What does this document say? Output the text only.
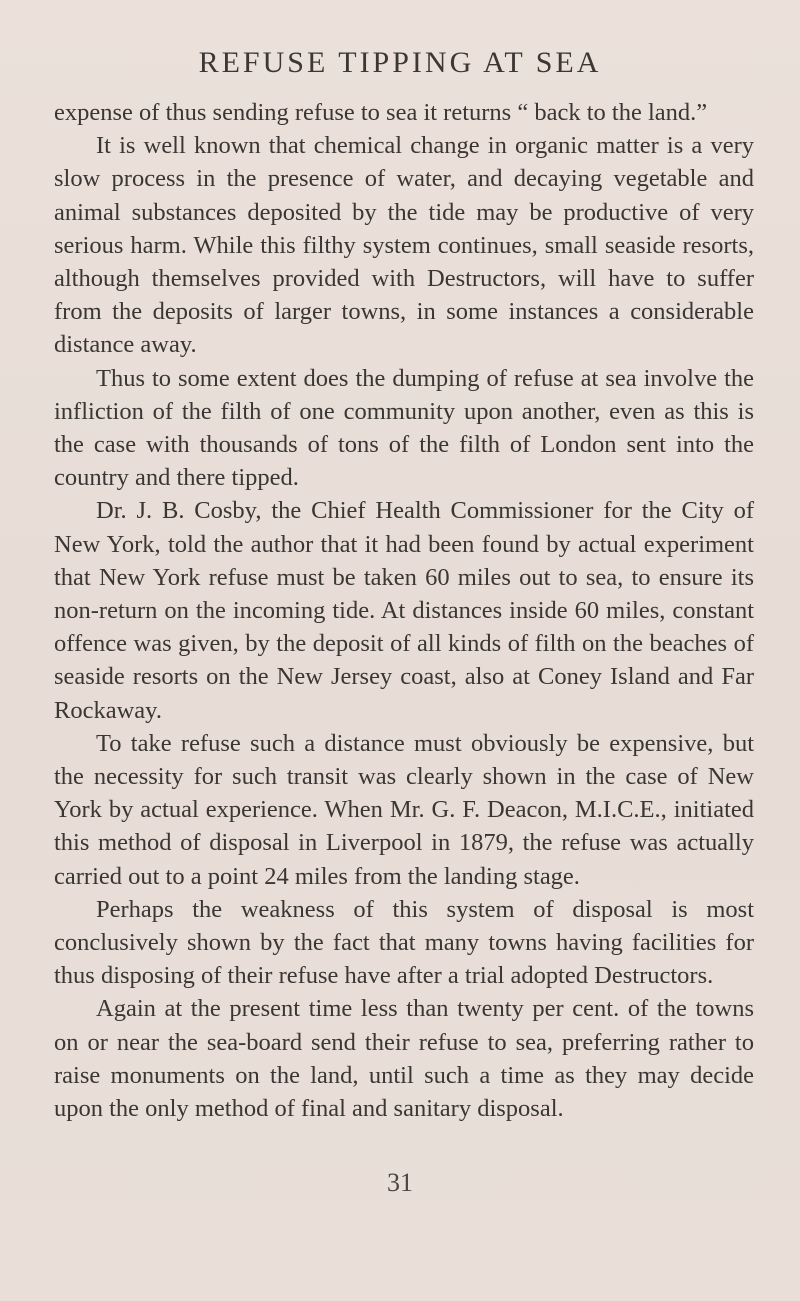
REFUSE TIPPING AT SEA

expense of thus sending refuse to sea it returns “ back to the land.”

It is well known that chemical change in organic matter is a very slow process in the presence of water, and decaying vegetable and animal substances deposited by the tide may be productive of very serious harm. While this filthy system continues, small seaside resorts, although themselves provided with Destructors, will have to suffer from the deposits of larger towns, in some instances a considerable distance away.

Thus to some extent does the dumping of refuse at sea involve the infliction of the filth of one community upon another, even as this is the case with thousands of tons of the filth of London sent into the country and there tipped.

Dr. J. B. Cosby, the Chief Health Commissioner for the City of New York, told the author that it had been found by actual experiment that New York refuse must be taken 60 miles out to sea, to ensure its non-return on the incoming tide. At distances inside 60 miles, constant offence was given, by the deposit of all kinds of filth on the beaches of seaside resorts on the New Jersey coast, also at Coney Island and Far Rockaway.

To take refuse such a distance must obviously be expensive, but the necessity for such transit was clearly shown in the case of New York by actual experience. When Mr. G. F. Deacon, M.I.C.E., initiated this method of disposal in Liverpool in 1879, the refuse was actually carried out to a point 24 miles from the landing stage.

Perhaps the weakness of this system of disposal is most conclusively shown by the fact that many towns having facilities for thus disposing of their refuse have after a trial adopted Destructors.

Again at the present time less than twenty per cent. of the towns on or near the sea-board send their refuse to sea, preferring rather to raise monuments on the land, until such a time as they may decide upon the only method of final and sanitary disposal.

31
